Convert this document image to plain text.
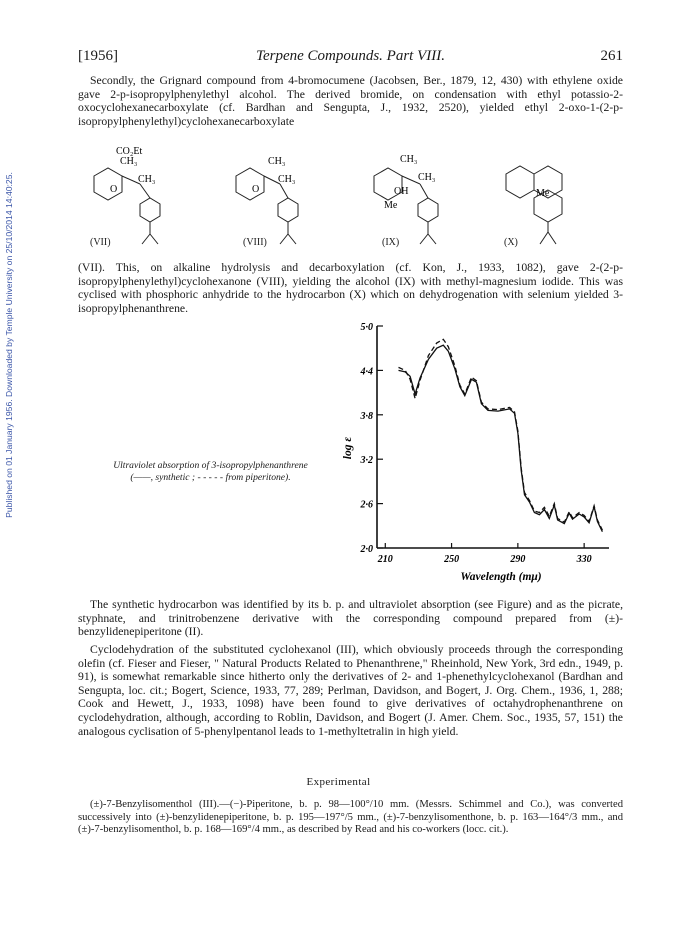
Published on 01 January 1956. Downloaded by Temple University on 25/10/2014 14:40:25.
[1956]	Terpene Compounds. Part VIII.	261

Secondly, the Grignard compound from 4-bromocumene (Jacobsen, Ber., 1879, 12, 430) with ethylene oxide gave 2-p-isopropylphenylethyl alcohol. The derived bromide, on condensation with ethyl potassio-2-oxocyclohexanecarboxylate (cf. Bardhan and Sengupta, J., 1932, 2520), yielded ethyl 2-oxo-1-(2-p-isopropylphenylethyl)cyclohexanecarboxylate

CO₂Et
CH₃
CH₃
O
CH₃
CH₃
O
CH₃
CH₃
OH
Me
Me
(VII)	(VIII)	(IX)	(X)

(VII). This, on alkaline hydrolysis and decarboxylation (cf. Kon, J., 1933, 1082), gave 2-(2-p-isopropylphenylethyl)cyclohexanone (VIII), yielding the alcohol (IX) with methyl-magnesium iodide. This was cyclised with phosphoric anhydride to the hydrocarbon (X) which on dehydrogenation with selenium yielded 3-isopropylphenanthrene.

Ultraviolet absorption of 3-isopropylphenanthrene
(——, synthetic ; - - - - - from piperitone).
2·0
2·6
3·2
3·8
4·4
5·0
210	250	290	330
Wavelength (mμ)
log ε

The synthetic hydrocarbon was identified by its b. p. and ultraviolet absorption (see Figure) and as the picrate, styphnate, and trinitrobenzene derivative with the corresponding compound prepared from (±)-benzylidenepiperitone (II).

Cyclodehydration of the substituted cyclohexanol (III), which obviously proceeds through the corresponding olefin (cf. Fieser and Fieser, " Natural Products Related to Phenanthrene," Rheinhold, New York, 3rd edn., 1949, p. 91), is somewhat remarkable since hitherto only the derivatives of 2- and 1-phenethylcyclohexanol (Bardhan and Sengupta, loc. cit.; Bogert, Science, 1933, 77, 289; Perlman, Davidson, and Bogert, J. Org. Chem., 1936, 1, 288; Cook and Hewett, J., 1933, 1098) have been found to give derivatives of octahydrophenanthrene on cyclodehydration, although, according to Roblin, Davidson, and Bogert (J. Amer. Chem. Soc., 1935, 57, 151) the analogous cyclisation of 5-phenylpentanol leads to 1-methyltetralin in high yield.

Experimental

(±)-7-Benzylisomenthol (III).—(−)-Piperitone, b. p. 98—100°/10 mm. (Messrs. Schimmel and Co.), was converted successively into (±)-benzylidenepiperitone, b. p. 195—197°/5 mm., (±)-7-benzylisomenthone, b. p. 163—164°/3 mm., and (±)-7-benzylisomenthol, b. p. 168—169°/4 mm., as described by Read and his co-workers (locc. cit.).
